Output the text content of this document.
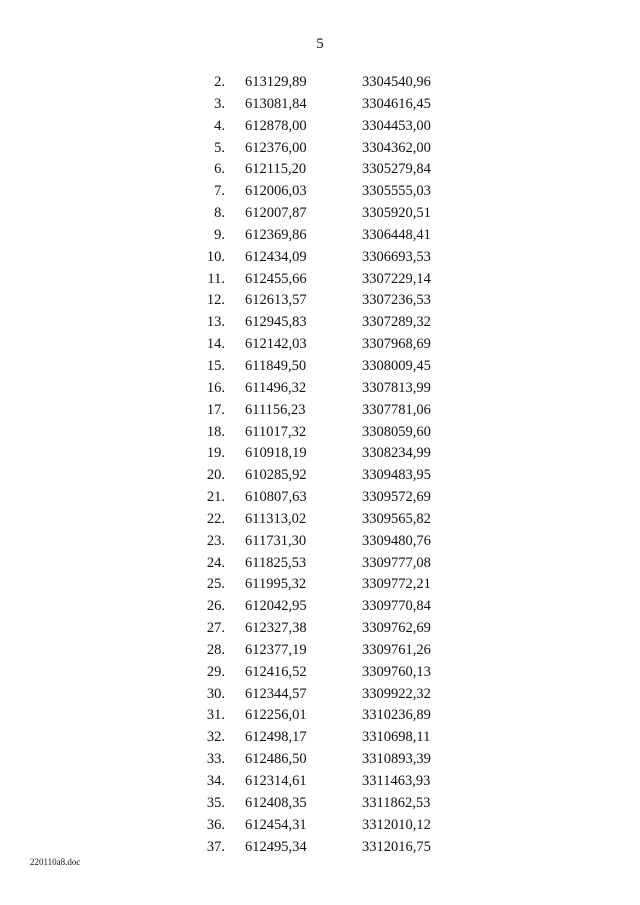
5
2. 613129,89	3304540,96
3. 613081,84	3304616,45
4. 612878,00	3304453,00
5. 612376,00	3304362,00
6. 612115,20	3305279,84
7. 612006,03	3305555,03
8. 612007,87	3305920,51
9. 612369,86	3306448,41
10. 612434,09	3306693,53
11. 612455,66	3307229,14
12. 612613,57	3307236,53
13. 612945,83	3307289,32
14. 612142,03	3307968,69
15. 611849,50	3308009,45
16. 611496,32	3307813,99
17. 611156,23	3307781,06
18. 611017,32	3308059,60
19. 610918,19	3308234,99
20. 610285,92	3309483,95
21. 610807,63	3309572,69
22. 611313,02	3309565,82
23. 611731,30	3309480,76
24. 611825,53	3309777,08
25. 611995,32	3309772,21
26. 612042,95	3309770,84
27. 612327,38	3309762,69
28. 612377,19	3309761,26
29. 612416,52	3309760,13
30. 612344,57	3309922,32
31. 612256,01	3310236,89
32. 612498,17	3310698,11
33. 612486,50	3310893,39
34. 612314,61	3311463,93
35. 612408,35	3311862,53
36. 612454,31	3312010,12
37. 612495,34	3312016,75
220110a8.doc
